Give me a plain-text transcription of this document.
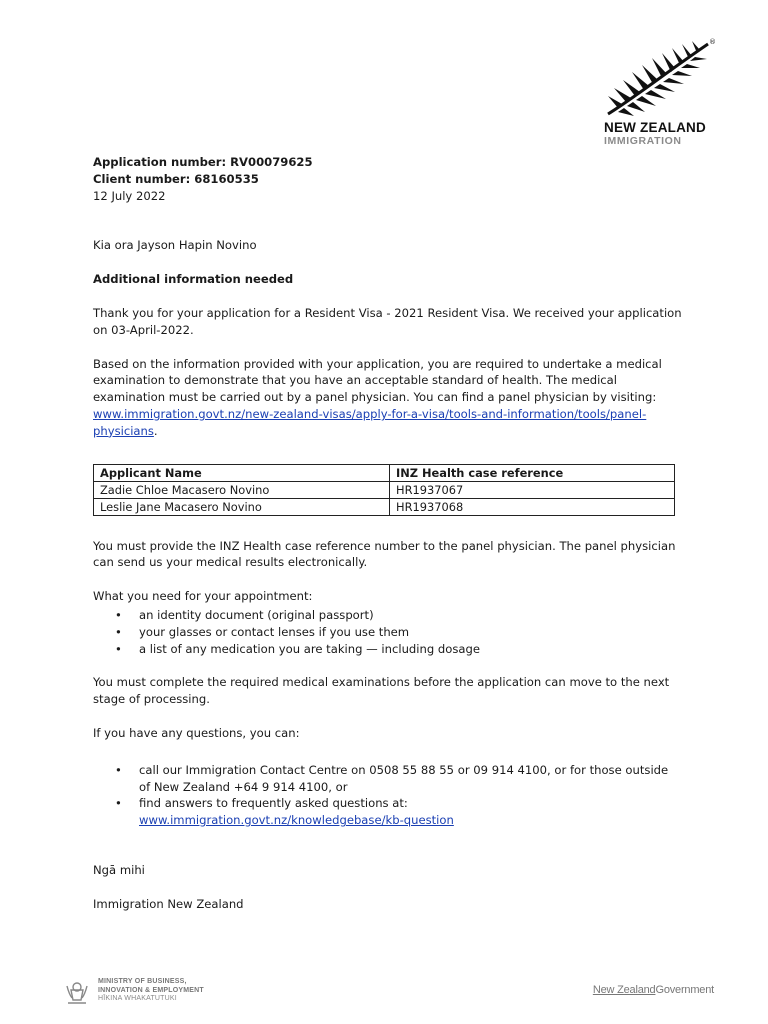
®
NEW ZEALAND
IMMIGRATION

Application number: RV00079625

Client number: 68160535

12 July 2022

Kia ora Jayson Hapin Novino

Additional information needed

Thank you for your application for a Resident Visa - 2021 Resident Visa. We received your application on 03-April-2022.

Based on the information provided with your application, you are required to undertake a medical examination to demonstrate that you have an acceptable standard of health. The medical examination must be carried out by a panel physician. You can find a panel physician by visiting: www.immigration.govt.nz/new-zealand-visas/apply-for-a-visa/tools-and-information/tools/panel-physicians.

Applicant Name	INZ Health case reference
Zadie Chloe Macasero Novino	HR1937067
Leslie Jane Macasero Novino	HR1937068

You must provide the INZ Health case reference number to the panel physician. The panel physician can send us your medical results electronically.

What you need for your appointment:

• an identity document (original passport)
• your glasses or contact lenses if you use them
• a list of any medication you are taking — including dosage

You must complete the required medical examinations before the application can move to the next stage of processing.

If you have any questions, you can:

• call our Immigration Contact Centre on 0508 55 88 55 or 09 914 4100, or for those outside of New Zealand +64 9 914 4100, or
• find answers to frequently asked questions at:
www.immigration.govt.nz/knowledgebase/kb-question

Ngā mihi

Immigration New Zealand

MINISTRY OF BUSINESS,
INNOVATION & EMPLOYMENT
HĪKINA WHAKATUTUKI
New ZealandGovernment
